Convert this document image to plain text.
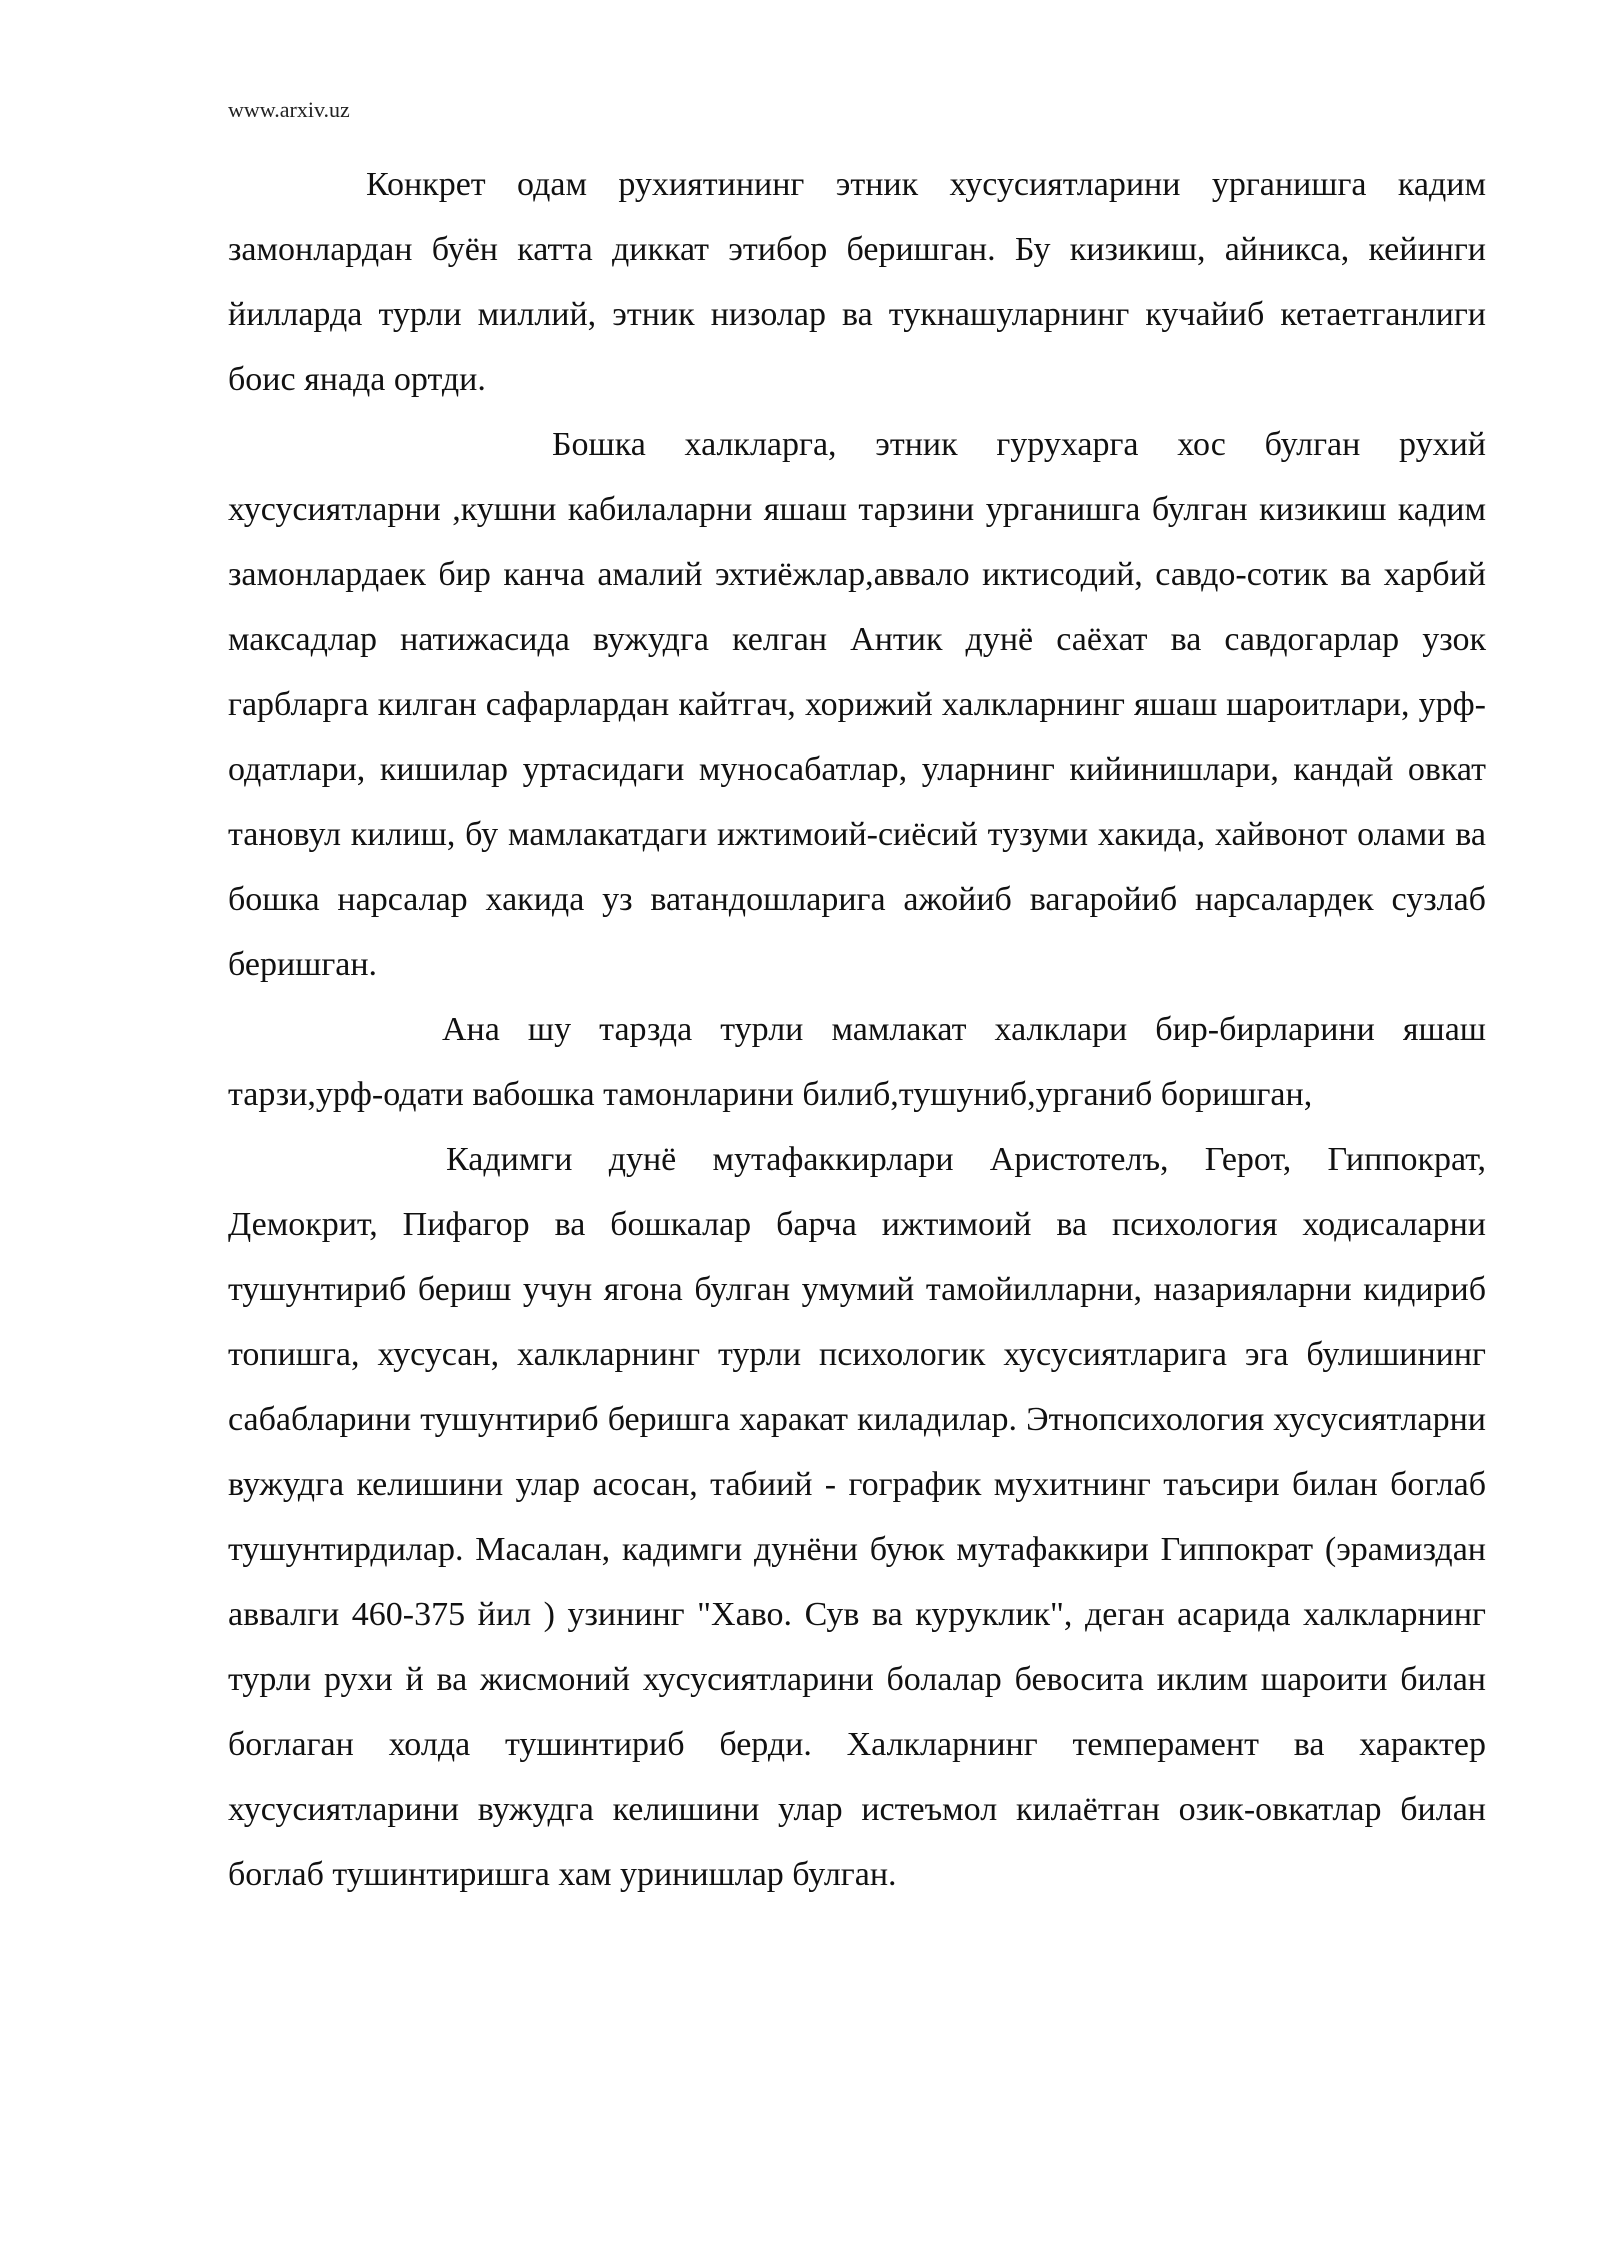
www.arxiv.uz

Конкрет одам рухиятининг этник хусусиятларини урганишга кадим замонлардан буён катта диккат этибор беришган. Бу кизикиш, айникса, кейинги йилларда турли миллий, этник низолар ва тукнашуларнинг кучайиб кетаетганлиги боис янада ортди.

Бошка халкларга, этник гурухарга хос булган рухий хусусиятларни ,кушни кабилаларни яшаш тарзини урганишга булган кизикиш кадим замонлардаек бир канча амалий эхтиёжлар,аввало иктисодий, савдо-сотик ва харбий максадлар натижасида вужудга келган Антик дунё саёхат ва савдогарлар узок гарбларга килган сафарлардан кайтгач, хорижий халкларнинг яшаш шароитлари, урф-одатлари, кишилар уртасидаги муносабатлар, уларнинг кийинишлари, кандай овкат тановул килиш, бу мамлакатдаги ижтимоий-сиёсий тузуми хакида, хайвонот олами ва бошка нарсалар хакида уз ватандошларига ажойиб вагаройиб нарсалардек сузлаб беришган.

Ана шу тарзда турли мамлакат халклари бир-бирларини яшаш тарзи,урф-одати вабошка тамонларини билиб,тушуниб,урганиб боришган,

Кадимги дунё мутафаккирлари Аристотелъ, Герот, Гиппократ, Демокрит, Пифагор ва бошкалар барча ижтимоий ва психология ходисаларни тушунтириб бериш учун ягона булган умумий тамойилларни, назарияларни кидириб топишга, хусусан, халкларнинг турли психологик хусусиятларига эга булишининг сабабларини тушунтириб беришга харакат киладилар. Этнопсихология хусусиятларни вужудга келишини улар асосан, табиий - гографик мухитнинг таъсири билан боглаб тушунтирдилар. Масалан, кадимги дунёни буюк мутафаккири Гиппократ (эрамиздан аввалги 460-375 йил ) узининг "Хаво. Сув ва куруклик", деган асарида халкларнинг турли рухи й ва жисмоний хусусиятларини болалар бевосита иклим шароити билан боглаган холда тушинтириб берди. Халкларнинг темперамент ва характер хусусиятларини вужудга келишини улар истеъмол килаётган озик-овкатлар билан боглаб тушинтиришга хам уринишлар булган.
